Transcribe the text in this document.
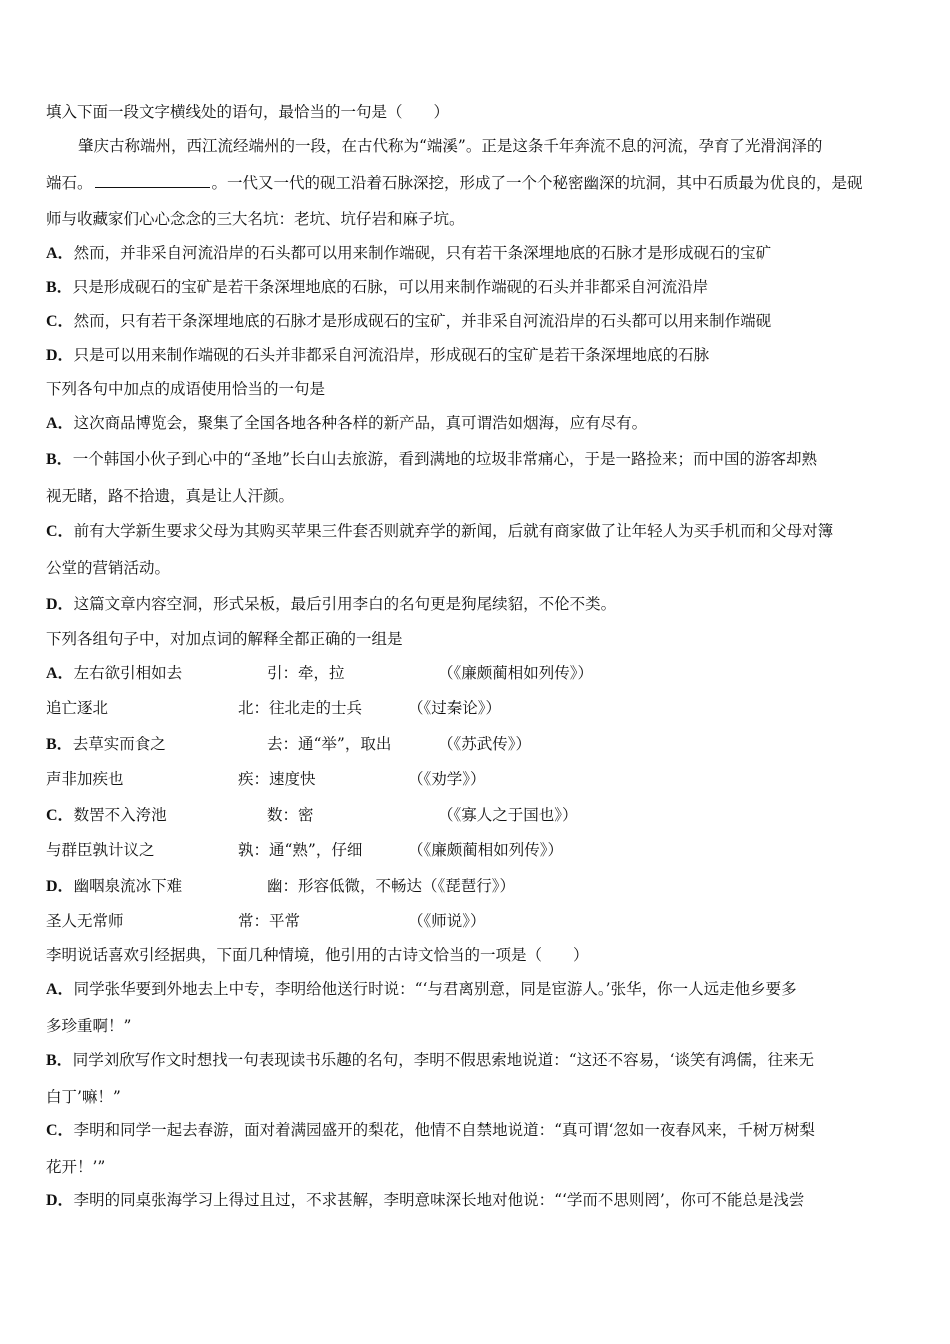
填入下面一段文字横线处的语句，最恰当的一句是（　　）
肇庆古称端州，西江流经端州的一段，在古代称为“端溪”。正是这条千年奔流不息的河流，孕育了光滑润泽的
端石。	。一代又一代的砚工沿着石脉深挖，形成了一个个秘密幽深的坑洞，其中石质最为优良的，是砚
师与收藏家们心心念念的三大名坑：老坑、坑仔岩和麻子坑。
A．然而，并非采自河流沿岸的石头都可以用来制作端砚，只有若干条深埋地底的石脉才是形成砚石的宝矿
B．只是形成砚石的宝矿是若干条深埋地底的石脉，可以用来制作端砚的石头并非都采自河流沿岸
C．然而，只有若干条深埋地底的石脉才是形成砚石的宝矿，并非采自河流沿岸的石头都可以用来制作端砚
D．只是可以用来制作端砚的石头并非都采自河流沿岸，形成砚石的宝矿是若干条深埋地底的石脉
下列各句中加点的成语使用恰当的一句是
A．这次商品博览会，聚集了全国各地各种各样的新产品，真可谓浩如烟海，应有尽有。
B．一个韩国小伙子到心中的“圣地”长白山去旅游，看到满地的垃圾非常痛心，于是一路捡来；而中国的游客却熟
视无睹，路不拾遗，真是让人汗颜。
C．前有大学新生要求父母为其购买苹果三件套否则就弃学的新闻，后就有商家做了让年轻人为买手机而和父母对簿
公堂的营销活动。
D．这篇文章内容空洞，形式呆板，最后引用李白的名句更是狗尾续貂，不伦不类。
下列各组句子中，对加点词的解释全都正确的一组是
A．左右欲引相如去	引：牵，拉	（《廉颇蔺相如列传》）
追亡逐北	北：往北走的士兵	（《过秦论》）
B．去草实而食之	去：通“举”，取出	（《苏武传》）
声非加疾也	疾：速度快	（《劝学》）
C．数罟不入洿池	数：密	（《寡人之于国也》）
与群臣孰计议之	孰：通“熟”，仔细	（《廉颇蔺相如列传》）
D．幽咽泉流冰下难	幽：形容低微，不畅达（《琵琶行》）
圣人无常师	常：平常	（《师说》）
李明说话喜欢引经据典，下面几种情境，他引用的古诗文恰当的一项是（　　）
A．同学张华要到外地去上中专，李明给他送行时说：“‘与君离别意，同是宦游人。’张华，你一人远走他乡要多
多珍重啊！”
B．同学刘欣写作文时想找一句表现读书乐趣的名句，李明不假思索地说道：“这还不容易，‘谈笑有鸿儒，往来无
白丁’嘛！”
C．李明和同学一起去春游，面对着满园盛开的梨花，他情不自禁地说道：“真可谓‘忽如一夜春风来，千树万树梨
花开！’”
D．李明的同桌张海学习上得过且过，不求甚解，李明意味深长地对他说：“‘学而不思则罔’，你可不能总是浅尝
